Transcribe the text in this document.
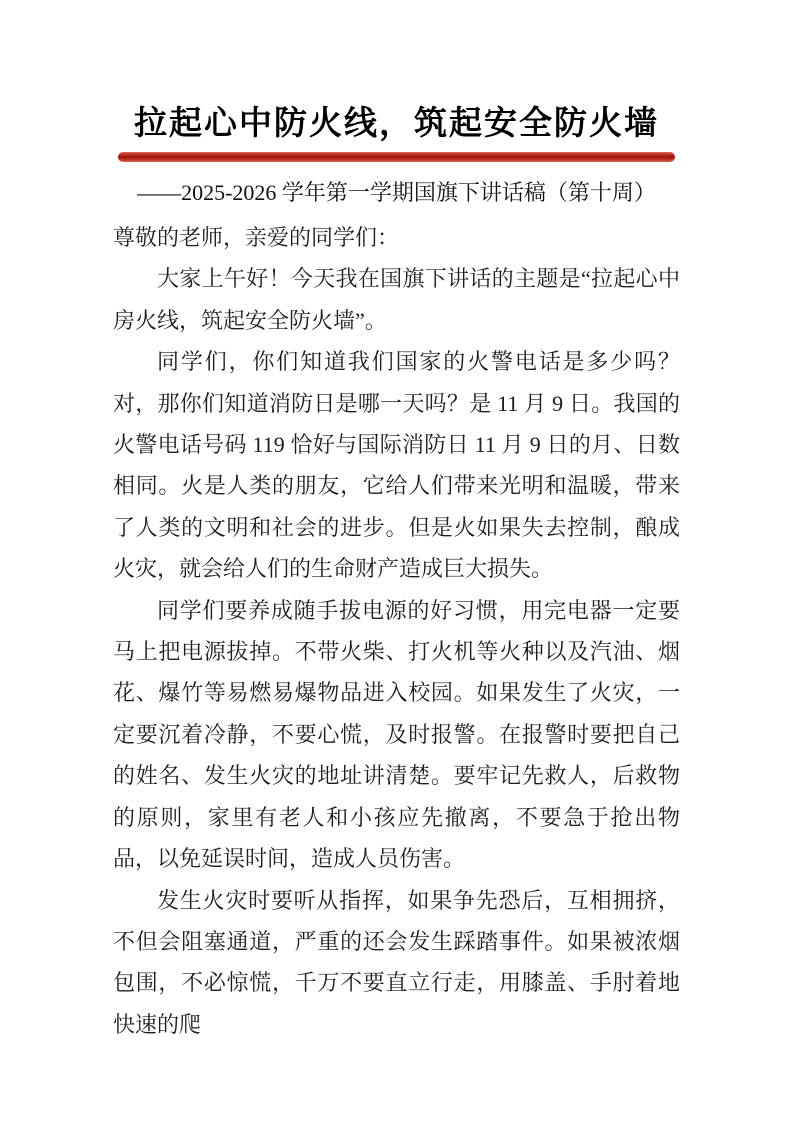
拉起心中防火线，筑起安全防火墙
——2025-2026 学年第一学期国旗下讲话稿（第十周）

尊敬的老师，亲爱的同学们：

大家上午好！今天我在国旗下讲话的主题是“拉起心中房火线，筑起安全防火墙”。

同学们，你们知道我们国家的火警电话是多少吗？对，那你们知道消防日是哪一天吗？是 11 月 9 日。我国的火警电话号码 119 恰好与国际消防日 11 月 9 日的月、日数相同。火是人类的朋友，它给人们带来光明和温暖，带来了人类的文明和社会的进步。但是火如果失去控制，酿成火灾，就会给人们的生命财产造成巨大损失。

同学们要养成随手拔电源的好习惯，用完电器一定要马上把电源拔掉。不带火柴、打火机等火种以及汽油、烟花、爆竹等易燃易爆物品进入校园。如果发生了火灾，一定要沉着冷静，不要心慌，及时报警。在报警时要把自己的姓名、发生火灾的地址讲清楚。要牢记先救人，后救物的原则，家里有老人和小孩应先撤离，不要急于抢出物品，以免延误时间，造成人员伤害。

发生火灾时要听从指挥，如果争先恐后，互相拥挤，不但会阻塞通道，严重的还会发生踩踏事件。如果被浓烟包围，不必惊慌，千万不要直立行走，用膝盖、手肘着地快速的爬
